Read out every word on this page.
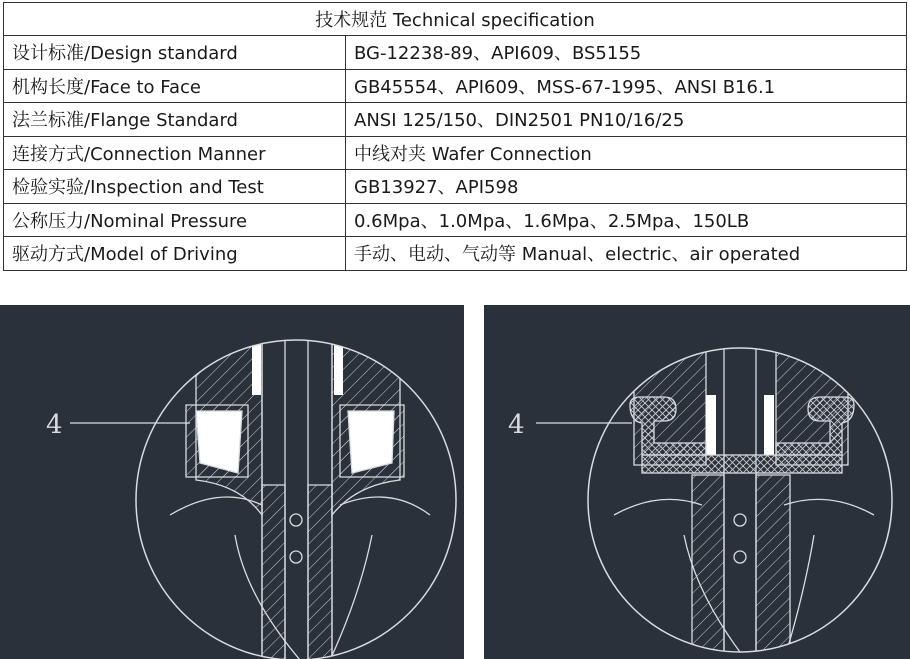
技术规范 Technical specification	
设计标准/Design standard	BG-12238-89、API609、BS5155
机构长度/Face to Face	GB45554、API609、MSS-67-1995、ANSI B16.1
法兰标准/Flange Standard	ANSI 125/150、DIN2501 PN10/16/25
连接方式/Connection Manner	中线对夹 Wafer Connection
检验实验/Inspection and Test	GB13927、API598
公称压力/Nominal Pressure	0.6Mpa、1.0Mpa、1.6Mpa、2.5Mpa、150LB
驱动方式/Model of Driving	手动、电动、气动等 Manual、electric、air operated
4	4
